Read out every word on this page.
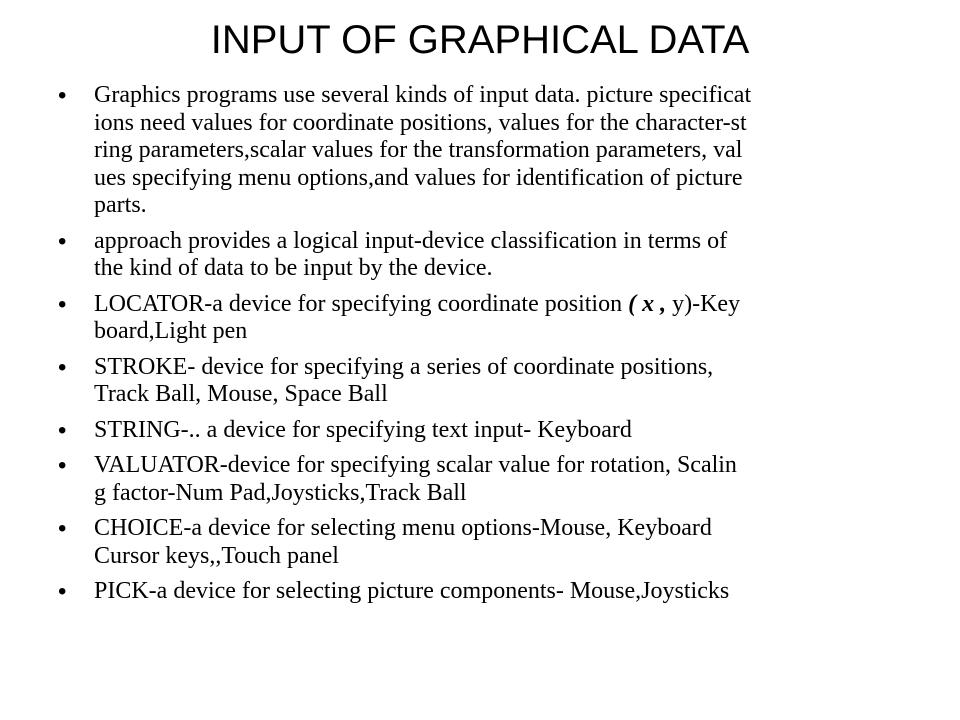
INPUT OF GRAPHICAL DATA
•	Graphics programs use several kinds of input data. picture specificat
ions need values for coordinate positions, values for the character-st
ring parameters,scalar values for the transformation parameters, val
ues specifying menu options,and values for identification of picture
parts.
•	approach provides a logical input-device classification in terms of
the kind of data to be input by the device.
•	LOCATOR-a device for specifying coordinate position ( x , y)-Key
board,Light pen
•	STROKE- device for specifying a series of coordinate positions,
Track Ball, Mouse, Space Ball
•	STRING-.. a device for specifying text input- Keyboard
•	VALUATOR-device for specifying scalar value for rotation, Scalin
g factor-Num Pad,Joysticks,Track Ball
•	CHOICE-a device for selecting menu options-Mouse, Keyboard
Cursor keys,,Touch panel
•	PICK-a device for selecting picture components- Mouse,Joysticks
